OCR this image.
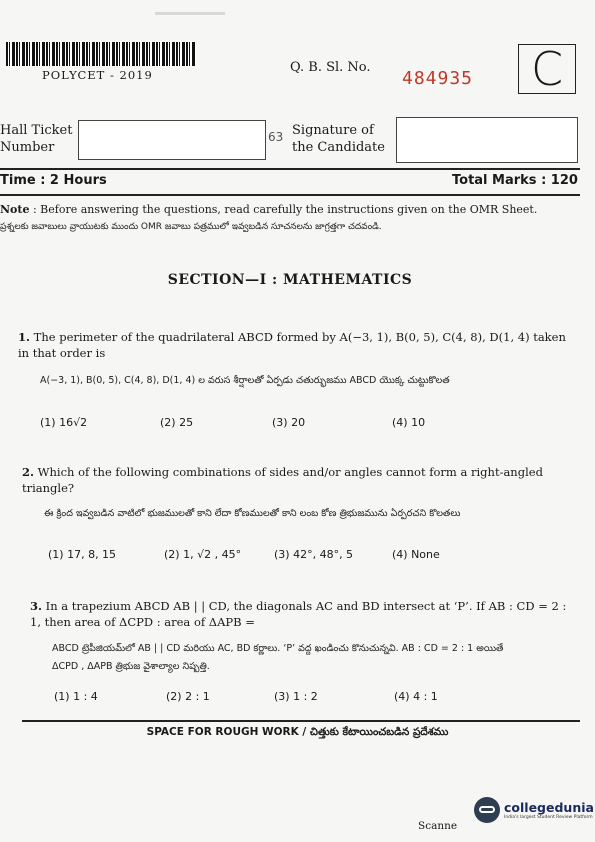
POLYCET - 2019	Q. B. Sl. No.
484935 C
Hall Ticket
Number
63 Signature of
the Candidate
Time : 2 Hours	Total Marks : 120
Note : Before answering the questions, read carefully the instructions given on the OMR Sheet.
ప్రశ్నలకు జవాబులు వ్రాయుటకు ముందు OMR జవాబు పత్రములో ఇవ్వబడిన సూచనలను జాగ్రత్తగా చదవండి.
SECTION—I : MATHEMATICS
1. The perimeter of the quadrilateral ABCD formed by A(−3, 1), B(0, 5), C(4, 8), D(1, 4) taken in that order is
A(−3, 1), B(0, 5), C(4, 8), D(1, 4) ల వరుస శీర్షాలతో ఏర్పడు చతుర్భుజము ABCD యొక్క చుట్టుకొలత
(1) 16√2	(2) 25	(3) 20	(4) 10
2. Which of the following combinations of sides and/or angles cannot form a right-angled triangle?
ఈ క్రింద ఇవ్వబడిన వాటిలో భుజములతో కాని లేదా కోణములతో కాని లంబ కోణ త్రిభుజమును ఏర్పరచని కొలతలు
(1) 17, 8, 15	(2) 1, √2 , 45°	(3) 42°, 48°, 5	(4) None
3. In a trapezium ABCD AB | | CD, the diagonals AC and BD intersect at ‘P’. If AB : CD = 2 : 1, then area of ΔCPD : area of ΔAPB =
ABCD ట్రెపీజియమ్‌లో AB | | CD మరియు AC, BD కర్ణాలు. ‘P’ వద్ద ఖండించు కొనుచున్నవి. AB : CD = 2 : 1 అయితే
ΔCPD , ΔAPB త్రిభుజ వైశాల్యాల నిష్పత్తి.
(1) 1 : 4	(2) 2 : 1	(3) 1 : 2	(4) 4 : 1
SPACE FOR ROUGH WORK / చిత్తుకు కేటాయించబడిన ప్రదేశము
Scanne
collegedunia
India's largest Student Review Platform
